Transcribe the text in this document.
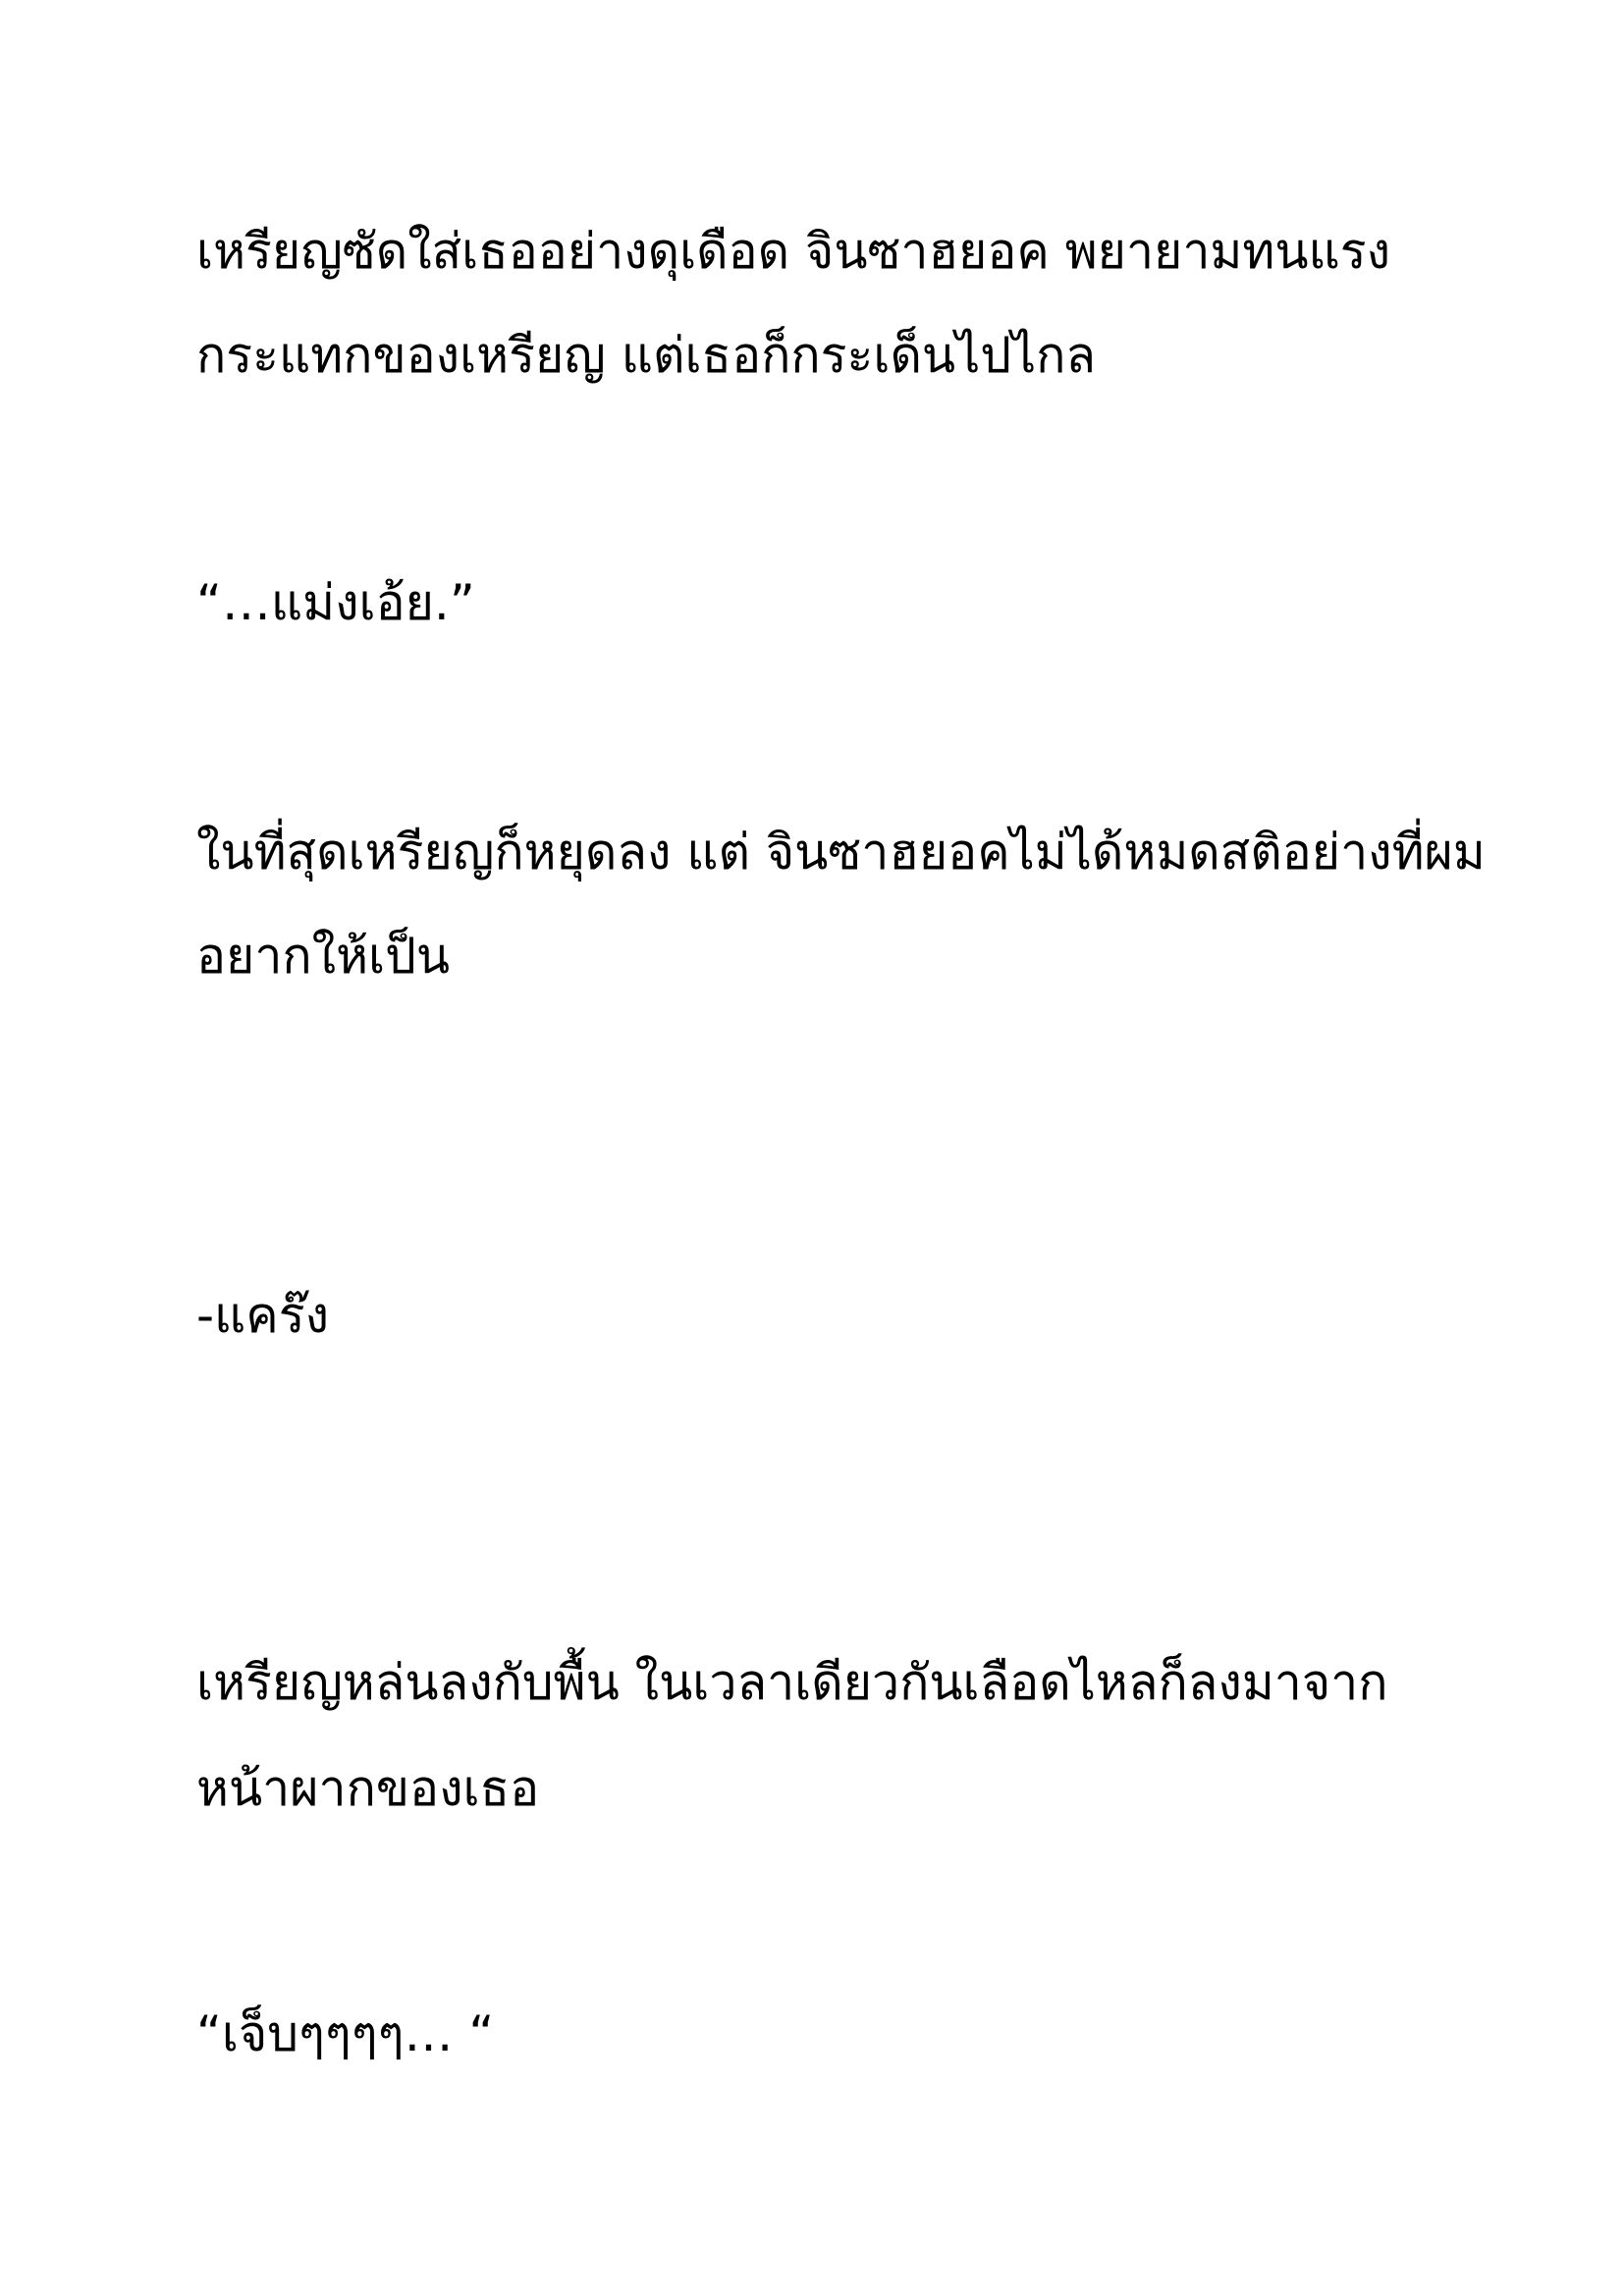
เหรียญซัดใส่เธออย่างดุเดือด จินซาฮยอค พยายามทนแรง

กระแทกของเหรียญ แต่เธอก็กระเด็นไปไกล

“…แม่งเอ้ย.”

ในที่สุดเหรียญก็หยุดลง แต่ จินซาฮยอคไม่ได้หมดสติอย่างที่ผม

อยากให้เป็น

-แคร๊ง

เหรียญหล่นลงกับพื้น ในเวลาเดียวกันเลือดไหลก็ลงมาจาก

หน้าผากของเธอ

“เจ็บๆๆๆๆ… “
